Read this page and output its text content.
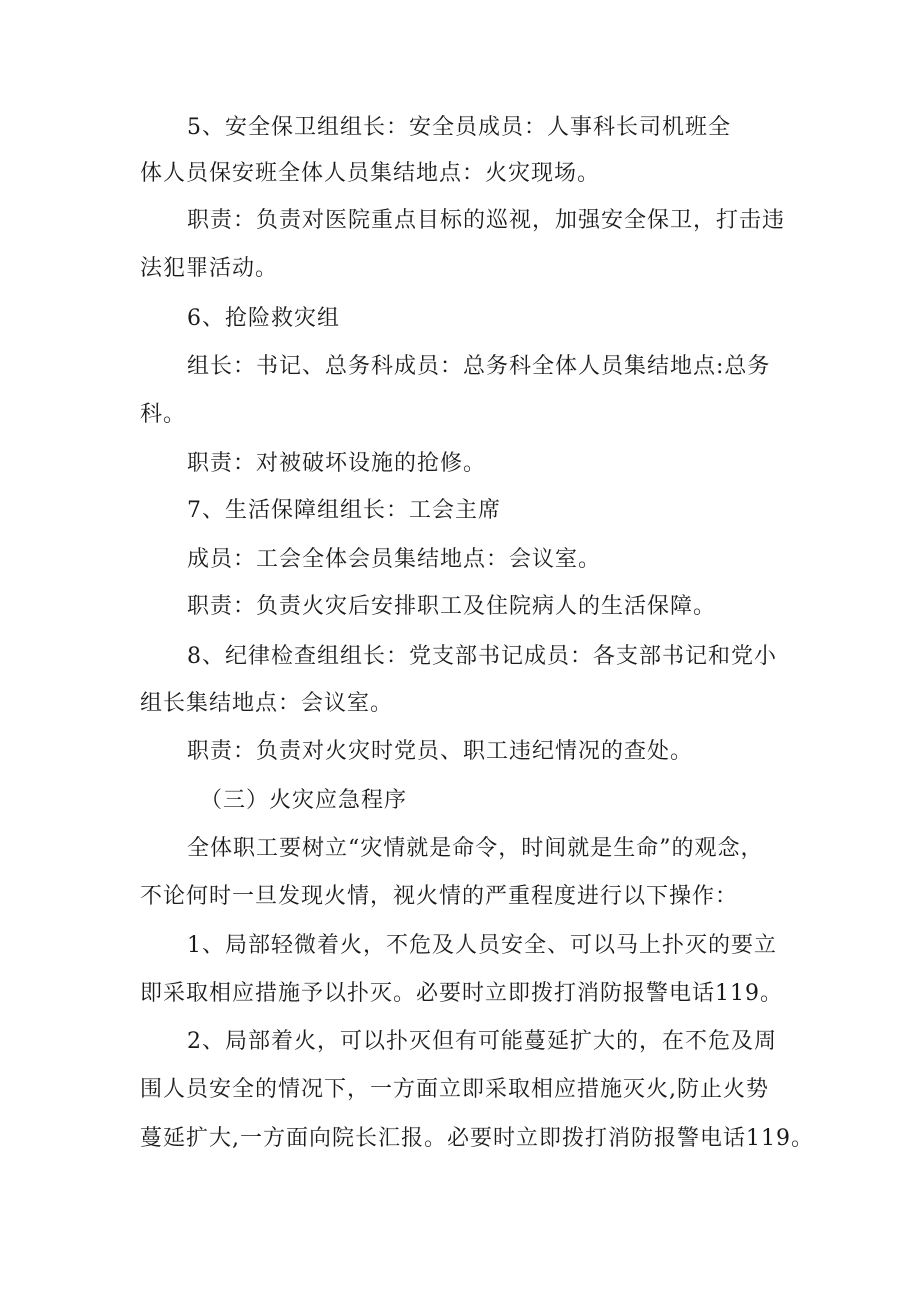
5、安全保卫组组长：安全员成员：人事科长司机班全
体人员保安班全体人员集结地点：火灾现场。
职责：负责对医院重点目标的巡视，加强安全保卫，打击违
法犯罪活动。
6、抢险救灾组
组长：书记、总务科成员：总务科全体人员集结地点:总务
科。
职责：对被破坏设施的抢修。
7、生活保障组组长：工会主席
成员：工会全体会员集结地点：会议室。
职责：负责火灾后安排职工及住院病人的生活保障。
8、纪律检查组组长：党支部书记成员：各支部书记和党小
组长集结地点：会议室。
职责：负责对火灾时党员、职工违纪情况的查处。
（三）火灾应急程序
全体职工要树立“灾情就是命令，时间就是生命”的观念，
不论何时一旦发现火情，视火情的严重程度进行以下操作：
1、局部轻微着火，不危及人员安全、可以马上扑灭的要立
即采取相应措施予以扑灭。必要时立即拨打消防报警电话119。
2、局部着火，可以扑灭但有可能蔓延扩大的，在不危及周
围人员安全的情况下，一方面立即采取相应措施灭火,防止火势
蔓延扩大,一方面向院长汇报。必要时立即拨打消防报警电话119。
